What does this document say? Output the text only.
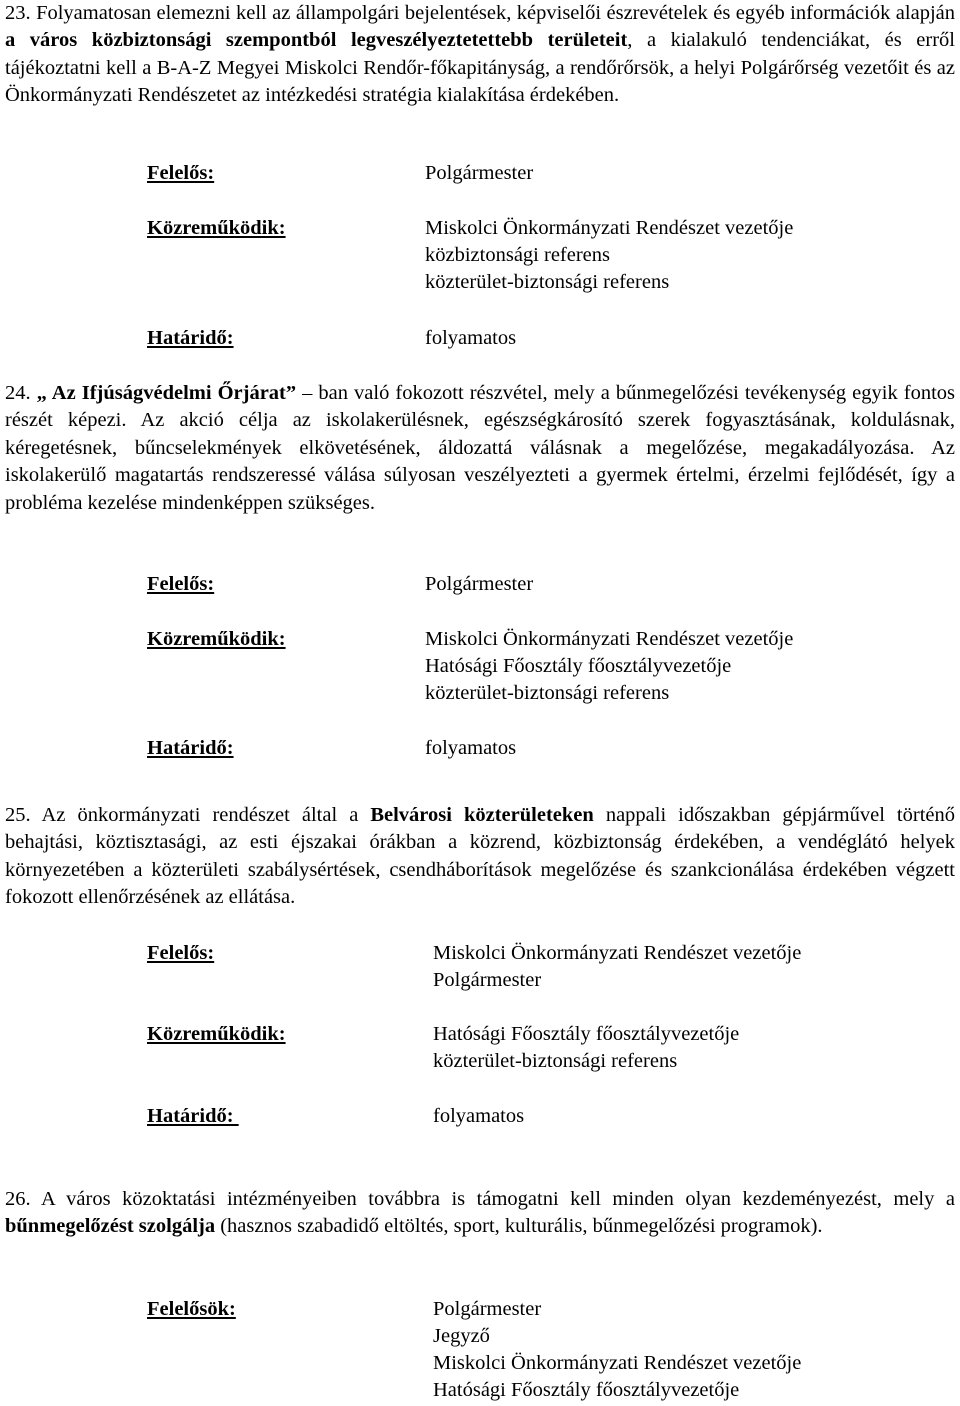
23. Folyamatosan elemezni kell az állampolgári bejelentések, képviselői észrevételek és egyéb információk alapján a város közbiztonsági szempontból legveszélyeztetettebb területeit, a kialakuló tendenciákat, és erről tájékoztatni kell a B-A-Z Megyei Miskolci Rendőr-főkapitányság, a rendőrőrsök, a helyi Polgárőrség vezetőit és az Önkormányzati Rendészetet az intézkedési stratégia kialakítása érdekében.

Felelős:	Polgármester
Közreműködik:	Miskolci Önkormányzati Rendészet vezetője
közbiztonsági referens
közterület-biztonsági referens
Határidő:	folyamatos

24. „ Az Ifjúságvédelmi Őrjárat” – ban való fokozott részvétel, mely a bűnmegelőzési tevékenység egyik fontos részét képezi. Az akció célja az iskolakerülésnek, egészségkárosító szerek fogyasztásának, koldulásnak, kéregetésnek, bűncselekmények elkövetésének, áldozattá válásnak a megelőzése, megakadályozása. Az iskolakerülő magatartás rendszeressé válása súlyosan veszélyezteti a gyermek értelmi, érzelmi fejlődését, így a probléma kezelése mindenképpen szükséges.

Felelős:	Polgármester
Közreműködik:	Miskolci Önkormányzati Rendészet vezetője
Hatósági Főosztály főosztályvezetője
közterület-biztonsági referens
Határidő:	folyamatos

25. Az önkormányzati rendészet által a Belvárosi közterületeken nappali időszakban gépjárművel történő behajtási, köztisztasági, az esti éjszakai órákban a közrend, közbiztonság érdekében, a vendéglátó helyek környezetében a közterületi szabálysértések, csendháborítások megelőzése és szankcionálása érdekében végzett fokozott ellenőrzésének az ellátása.

Felelős:	Miskolci Önkormányzati Rendészet vezetője
Polgármester
Közreműködik:	Hatósági Főosztály főosztályvezetője
közterület-biztonsági referens
Határidő:	folyamatos

26. A város közoktatási intézményeiben továbbra is támogatni kell minden olyan kezdeményezést, mely a bűnmegelőzést szolgálja (hasznos szabadidő eltöltés, sport, kulturális, bűnmegelőzési programok).

Felelősök:	Polgármester
Jegyző
Miskolci Önkormányzati Rendészet vezetője
Hatósági Főosztály főosztályvezetője
